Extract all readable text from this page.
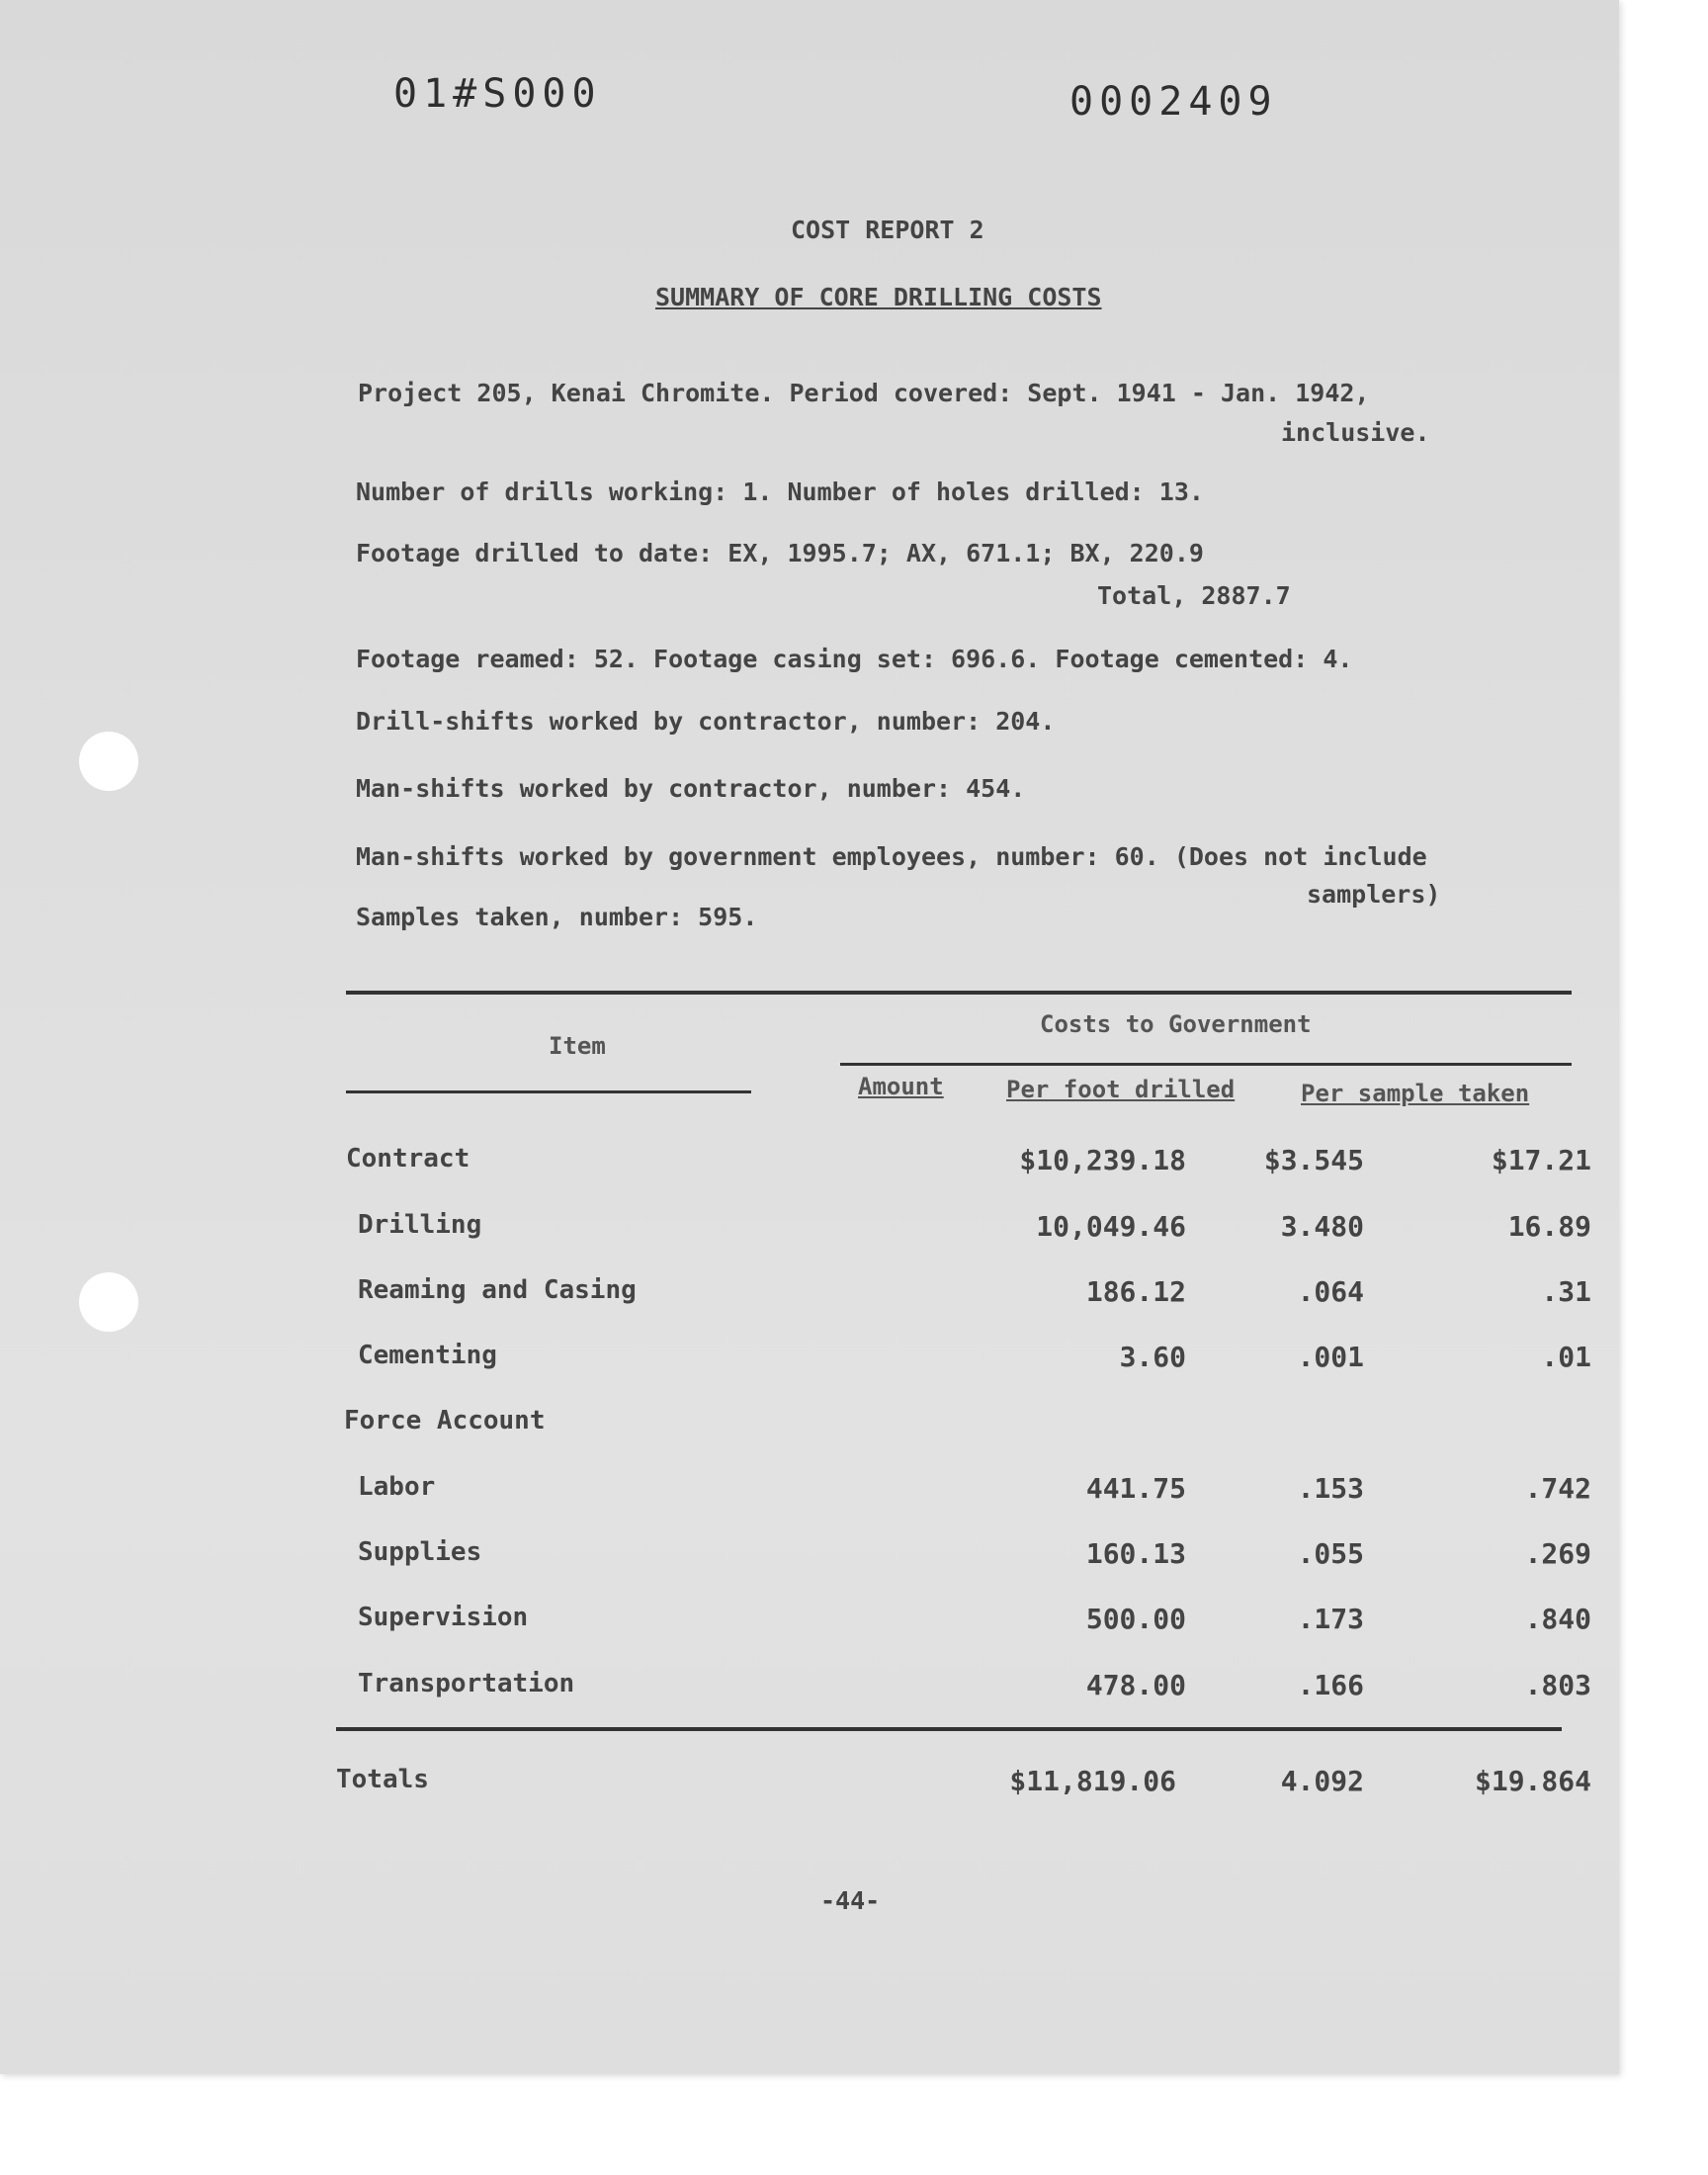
01#S000	0002409
COST REPORT 2
SUMMARY OF CORE DRILLING COSTS
Project 205, Kenai Chromite. Period covered: Sept. 1941 - Jan. 1942,
inclusive.
Number of drills working: 1. Number of holes drilled: 13.
Footage drilled to date: EX, 1995.7; AX, 671.1; BX, 220.9
Total, 2887.7
Footage reamed: 52. Footage casing set: 696.6. Footage cemented: 4.
Drill-shifts worked by contractor, number: 204.
Man-shifts worked by contractor, number: 454.
Man-shifts worked by government employees, number: 60. (Does not include
samplers)
Samples taken, number: 595.
Item
Costs to Government
Amount	Per foot drilled	Per sample taken
Contract	$10,239.18	$3.545	$17.21
Drilling	10,049.46	3.480	16.89
Reaming and Casing	186.12	.064	.31
Cementing	3.60	.001	.01
Force Account
Labor	441.75	.153	.742
Supplies	160.13	.055	.269
Supervision	500.00	.173	.840
Transportation	478.00	.166	.803
Totals	$11,819.06	4.092	$19.864
-44-
